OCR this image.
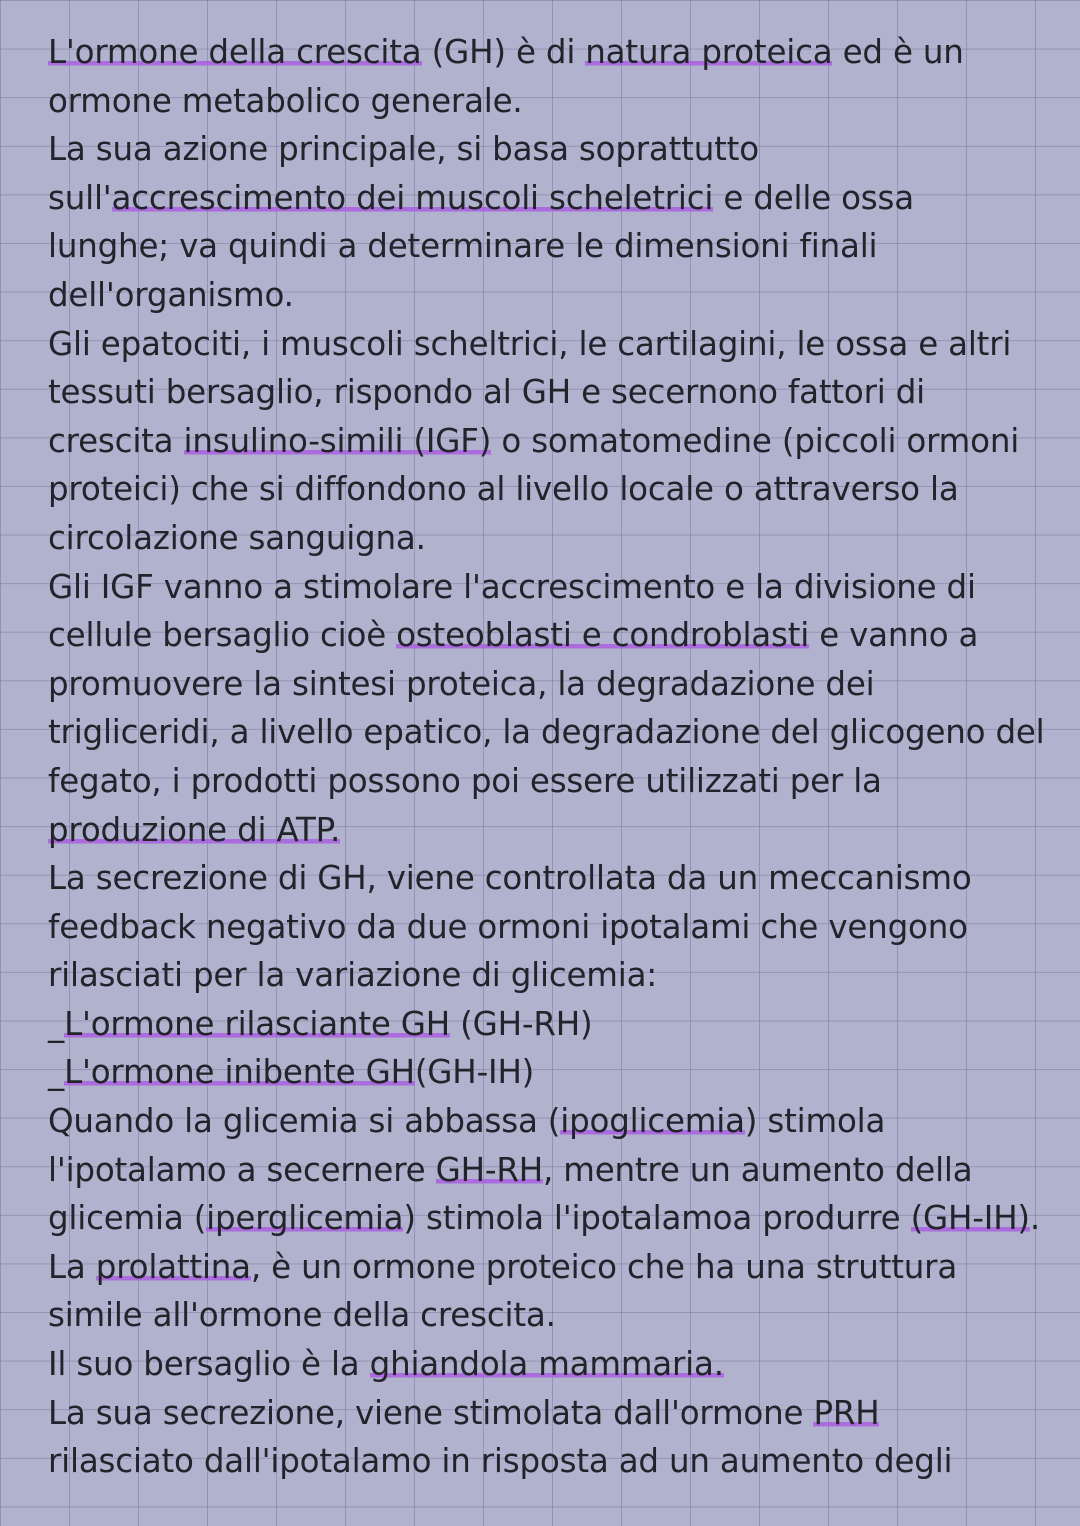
L'ormone della crescita (GH) è di natura proteica ed è un
ormone metabolico generale.
La sua azione principale, si basa soprattutto
sull'accrescimento dei muscoli scheletrici e delle ossa
lunghe; va quindi a determinare le dimensioni finali
dell'organismo.
Gli epatociti, i muscoli scheltrici, le cartilagini, le ossa e altri
tessuti bersaglio, rispondo al GH e secernono fattori di
crescita insulino-simili (IGF) o somatomedine (piccoli ormoni
proteici) che si diffondono al livello locale o attraverso la
circolazione sanguigna.
Gli IGF vanno a stimolare l'accrescimento e la divisione di
cellule bersaglio cioè osteoblasti e condroblasti e vanno a
promuovere la sintesi proteica, la degradazione dei
trigliceridi, a livello epatico, la degradazione del glicogeno del
fegato, i prodotti possono poi essere utilizzati per la
produzione di ATP.
La secrezione di GH, viene controllata da un meccanismo
feedback negativo da due ormoni ipotalami che vengono
rilasciati per la variazione di glicemia:
_L'ormone rilasciante GH (GH-RH)
_L'ormone inibente GH(GH-IH)
Quando la glicemia si abbassa (ipoglicemia) stimola
l'ipotalamo a secernere GH-RH, mentre un aumento della
glicemia (iperglicemia) stimola l'ipotalamoa produrre (GH-IH).
La prolattina, è un ormone proteico che ha una struttura
simile all'ormone della crescita.
Il suo bersaglio è la ghiandola mammaria.
La sua secrezione, viene stimolata dall'ormone PRH
rilasciato dall'ipotalamo in risposta ad un aumento degli
